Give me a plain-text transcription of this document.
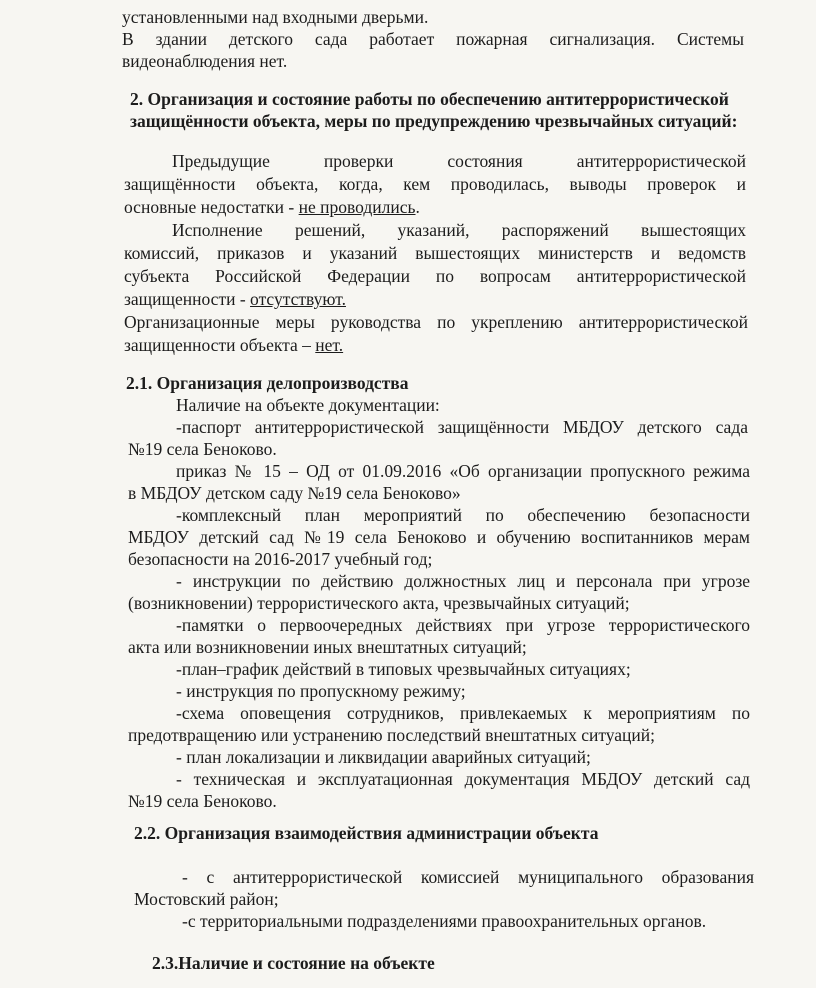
установленными над входными дверьми.

В здании детского сада работает пожарная сигнализация. Системы

видеонаблюдения нет.

2. Организация и состояние работы по обеспечению антитеррористической

защищённости объекта, меры по предупреждению чрезвычайных ситуаций:

Предыдущие проверки состояния антитеррористической

защищённости объекта, когда, кем проводилась, выводы проверок и

основные недостатки - не проводились.

Исполнение решений, указаний, распоряжений вышестоящих

комиссий, приказов и указаний вышестоящих министерств и ведомств

субъекта Российской Федерации по вопросам антитеррористической

защищенности - отсутствуют.

Организационные меры руководства по укреплению антитеррористической

защищенности объекта – нет.

2.1. Организация делопроизводства

Наличие на объекте документации:

-паспорт антитеррористической защищённости МБДОУ детского сада

№19 села Беноково.

приказ № 15 – ОД от 01.09.2016 «Об организации пропускного режима

в МБДОУ детском саду №19 села Беноково»

-комплексный план мероприятий по обеспечению безопасности

МБДОУ детский сад №19 села Беноково и обучению воспитанников мерам

безопасности на 2016-2017 учебный год;

- инструкции по действию должностных лиц и персонала при угрозе

(возникновении) террористического акта, чрезвычайных ситуаций;

-памятки о первоочередных действиях при угрозе террористического

акта или возникновении иных внештатных ситуаций;

-план–график действий в типовых чрезвычайных ситуациях;

- инструкция по пропускному режиму;

-схема оповещения сотрудников, привлекаемых к мероприятиям по

предотвращению или устранению последствий внештатных ситуаций;

- план локализации и ликвидации аварийных ситуаций;

- техническая и эксплуатационная документация МБДОУ детский сад

№19 села Беноково.

2.2. Организация взаимодействия администрации объекта

- с антитеррористической комиссией муниципального образования

Мостовский район;

-с территориальными подразделениями правоохранительных органов.

2.3.Наличие и состояние на объекте
